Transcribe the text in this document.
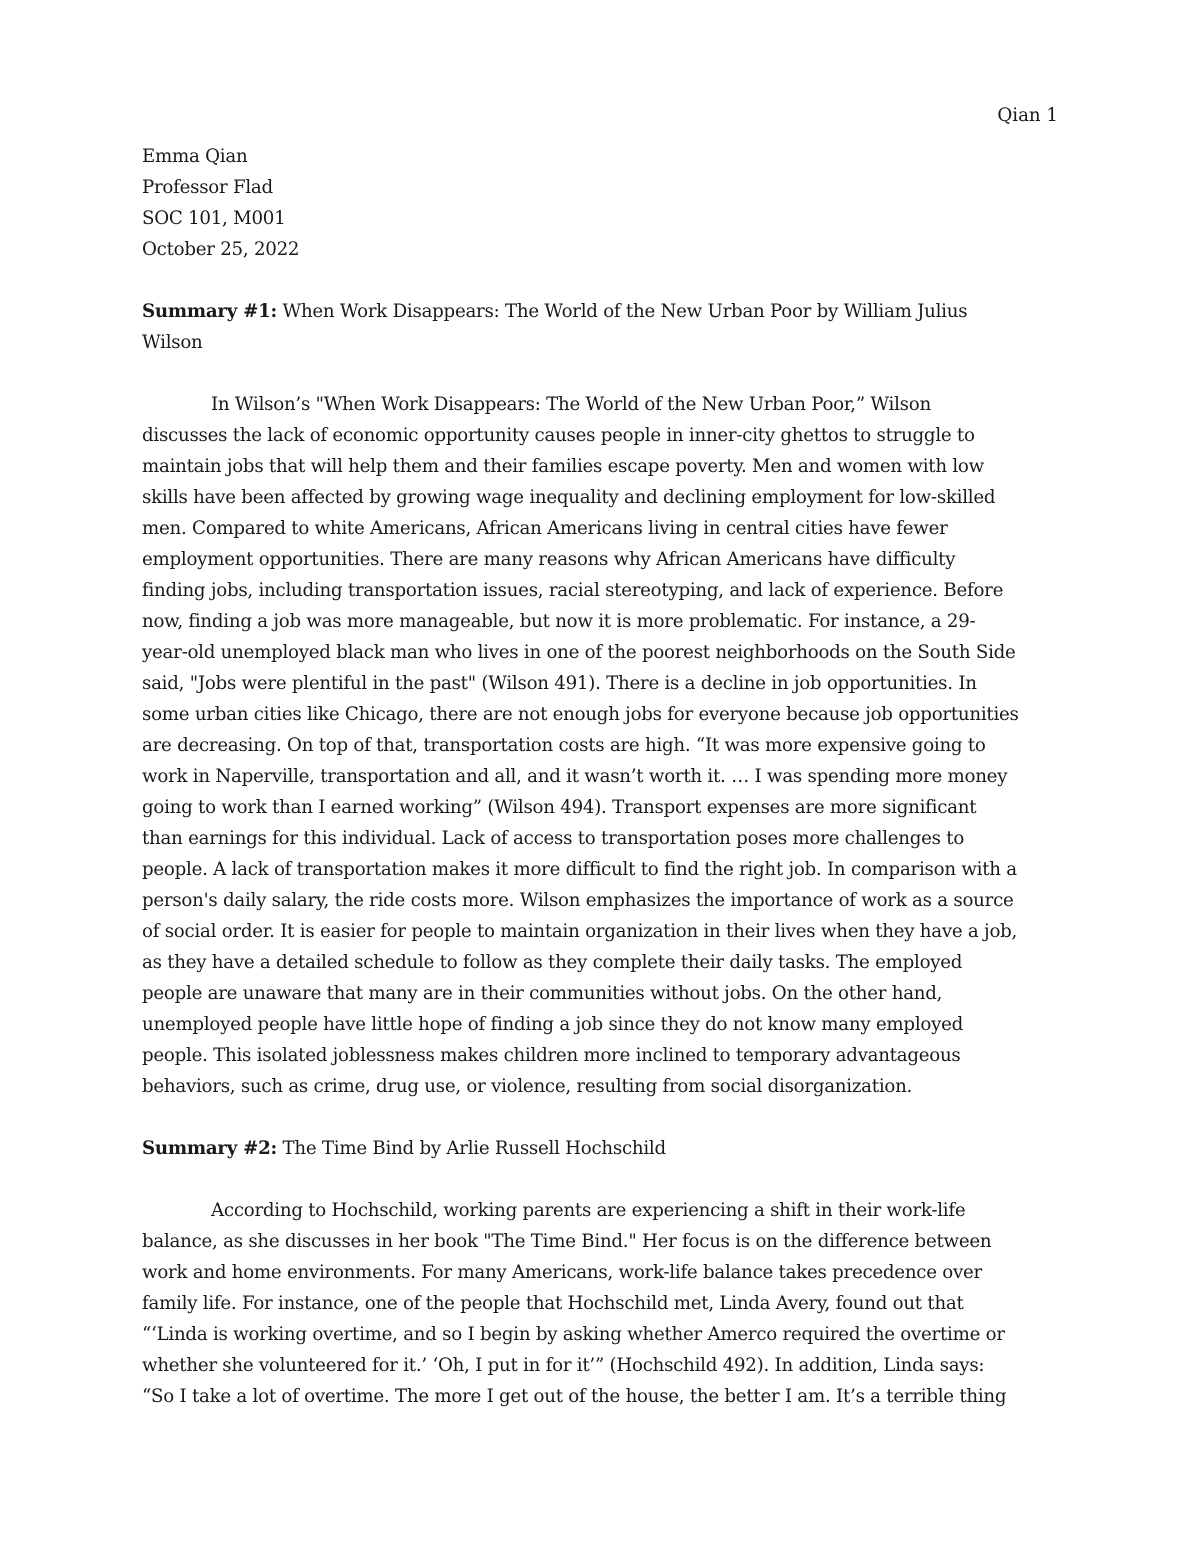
Qian 1
Emma Qian
Professor Flad
SOC 101, M001
October 25, 2022
Summary #1: When Work Disappears: The World of the New Urban Poor by William Julius
Wilson
In Wilson’s "When Work Disappears: The World of the New Urban Poor,” Wilson
discusses the lack of economic opportunity causes people in inner-city ghettos to struggle to
maintain jobs that will help them and their families escape poverty. Men and women with low
skills have been affected by growing wage inequality and declining employment for low-skilled
men. Compared to white Americans, African Americans living in central cities have fewer
employment opportunities. There are many reasons why African Americans have difficulty
finding jobs, including transportation issues, racial stereotyping, and lack of experience. Before
now, finding a job was more manageable, but now it is more problematic. For instance, a 29-
year-old unemployed black man who lives in one of the poorest neighborhoods on the South Side
said, "Jobs were plentiful in the past" (Wilson 491). There is a decline in job opportunities. In
some urban cities like Chicago, there are not enough jobs for everyone because job opportunities
are decreasing. On top of that, transportation costs are high. “It was more expensive going to
work in Naperville, transportation and all, and it wasn’t worth it. … I was spending more money
going to work than I earned working” (Wilson 494). Transport expenses are more significant
than earnings for this individual. Lack of access to transportation poses more challenges to
people. A lack of transportation makes it more difficult to find the right job. In comparison with a
person's daily salary, the ride costs more. Wilson emphasizes the importance of work as a source
of social order. It is easier for people to maintain organization in their lives when they have a job,
as they have a detailed schedule to follow as they complete their daily tasks. The employed
people are unaware that many are in their communities without jobs. On the other hand,
unemployed people have little hope of finding a job since they do not know many employed
people. This isolated joblessness makes children more inclined to temporary advantageous
behaviors, such as crime, drug use, or violence, resulting from social disorganization.
Summary #2: The Time Bind by Arlie Russell Hochschild
According to Hochschild, working parents are experiencing a shift in their work-life
balance, as she discusses in her book "The Time Bind." Her focus is on the difference between
work and home environments. For many Americans, work-life balance takes precedence over
family life. For instance, one of the people that Hochschild met, Linda Avery, found out that
“‘Linda is working overtime, and so I begin by asking whether Amerco required the overtime or
whether she volunteered for it.’ ‘Oh, I put in for it’” (Hochschild 492). In addition, Linda says:
“So I take a lot of overtime. The more I get out of the house, the better I am. It’s a terrible thing
